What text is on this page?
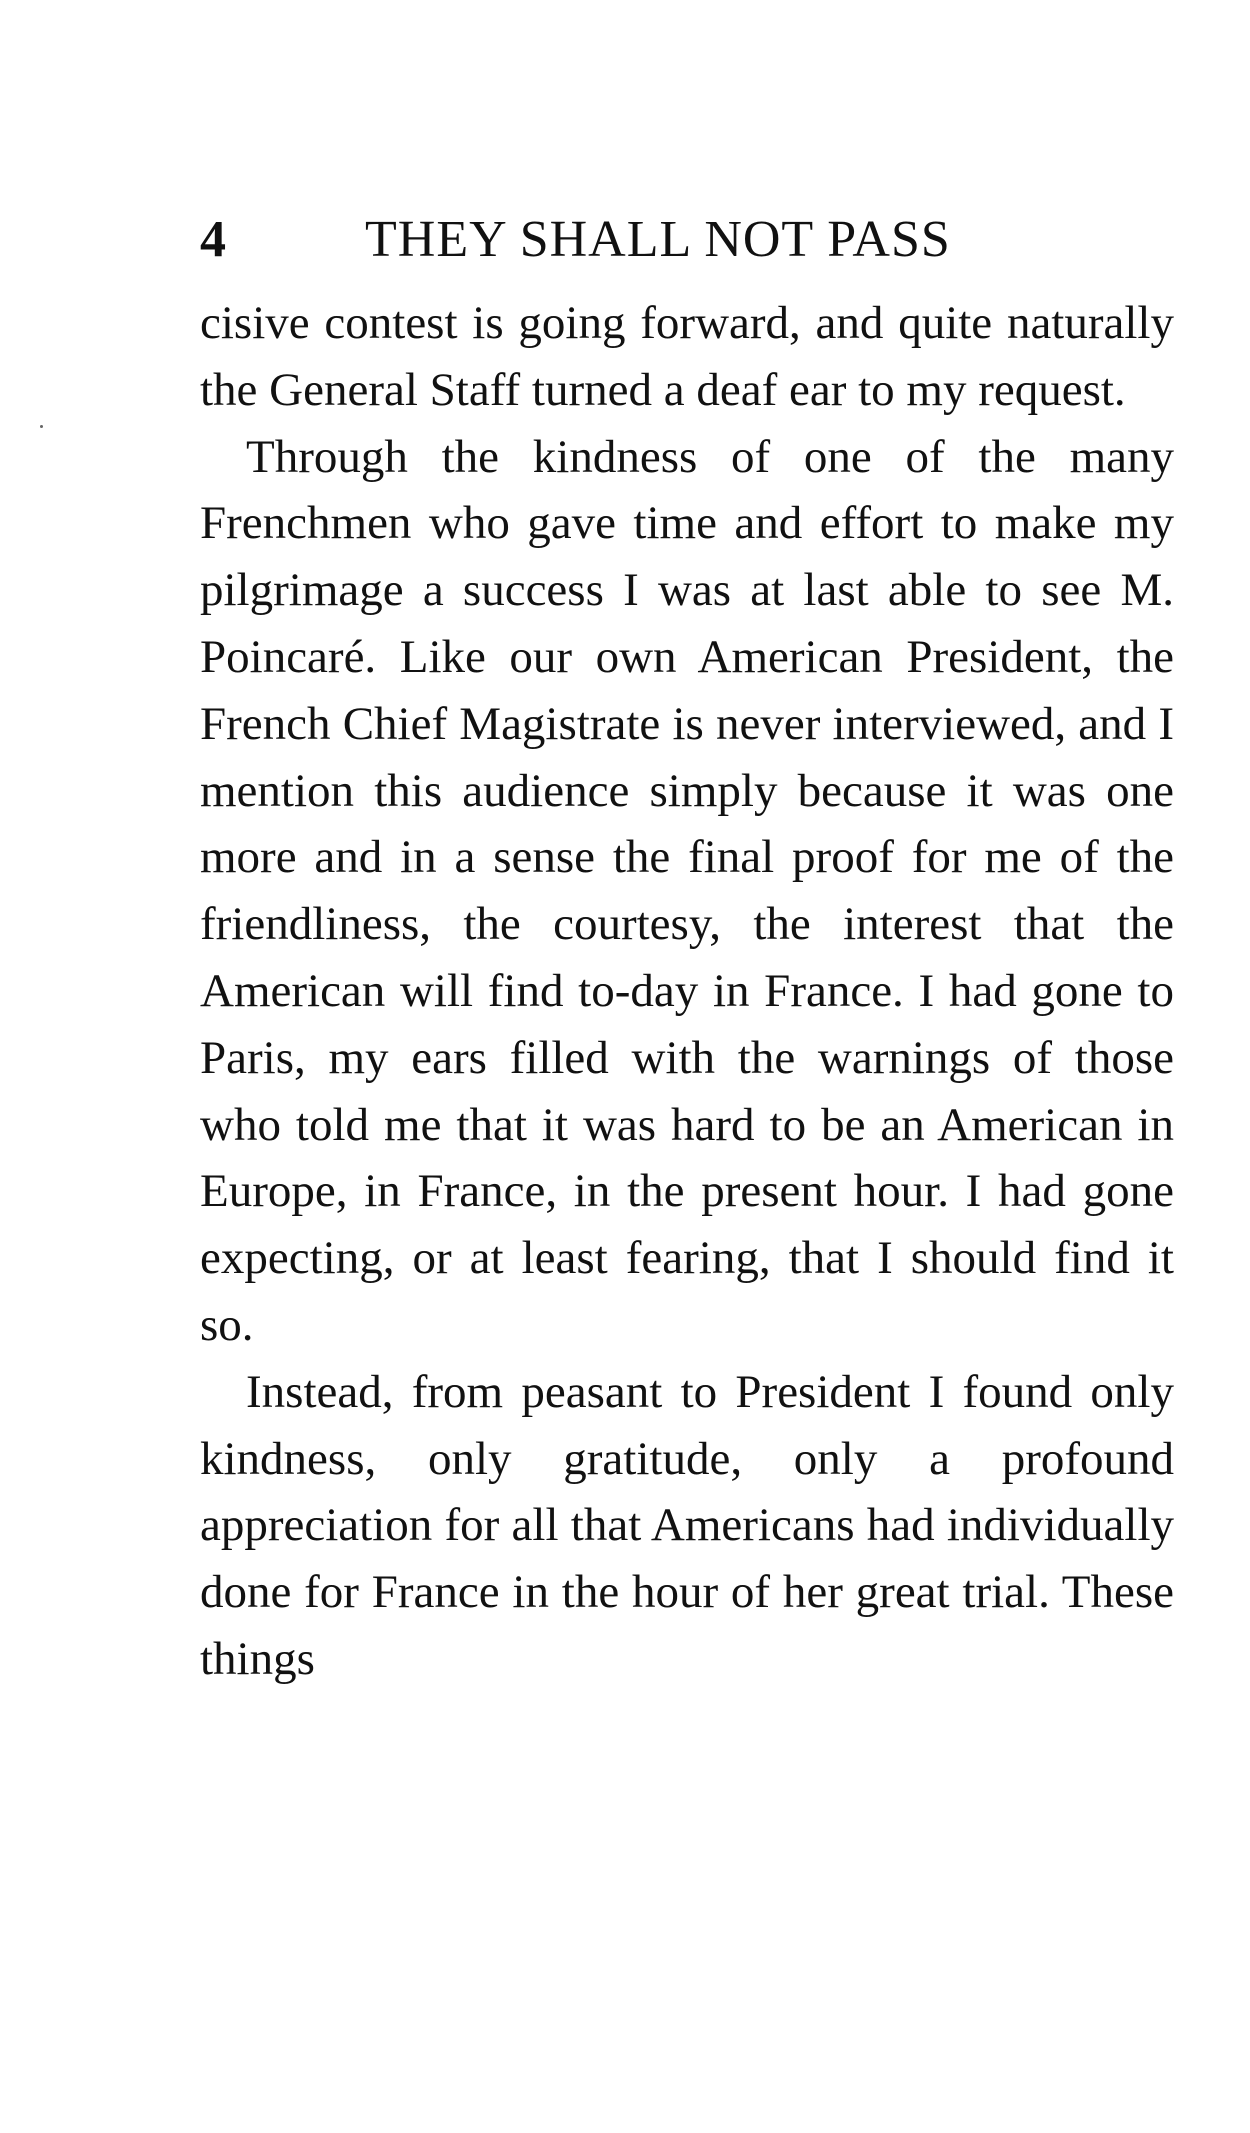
4	THEY SHALL NOT PASS

cisive contest is going forward, and quite naturally the General Staff turned a deaf ear to my request.

Through the kindness of one of the many Frenchmen who gave time and effort to make my pilgrimage a success I was at last able to see M. Poincaré. Like our own American President, the French Chief Magistrate is never interviewed, and I mention this audience simply because it was one more and in a sense the final proof for me of the friendliness, the courtesy, the interest that the American will find to-day in France. I had gone to Paris, my ears filled with the warnings of those who told me that it was hard to be an American in Europe, in France, in the present hour. I had gone expecting, or at least fearing, that I should find it so.

Instead, from peasant to President I found only kindness, only gratitude, only a profound appreciation for all that Americans had individually done for France in the hour of her great trial. These things
